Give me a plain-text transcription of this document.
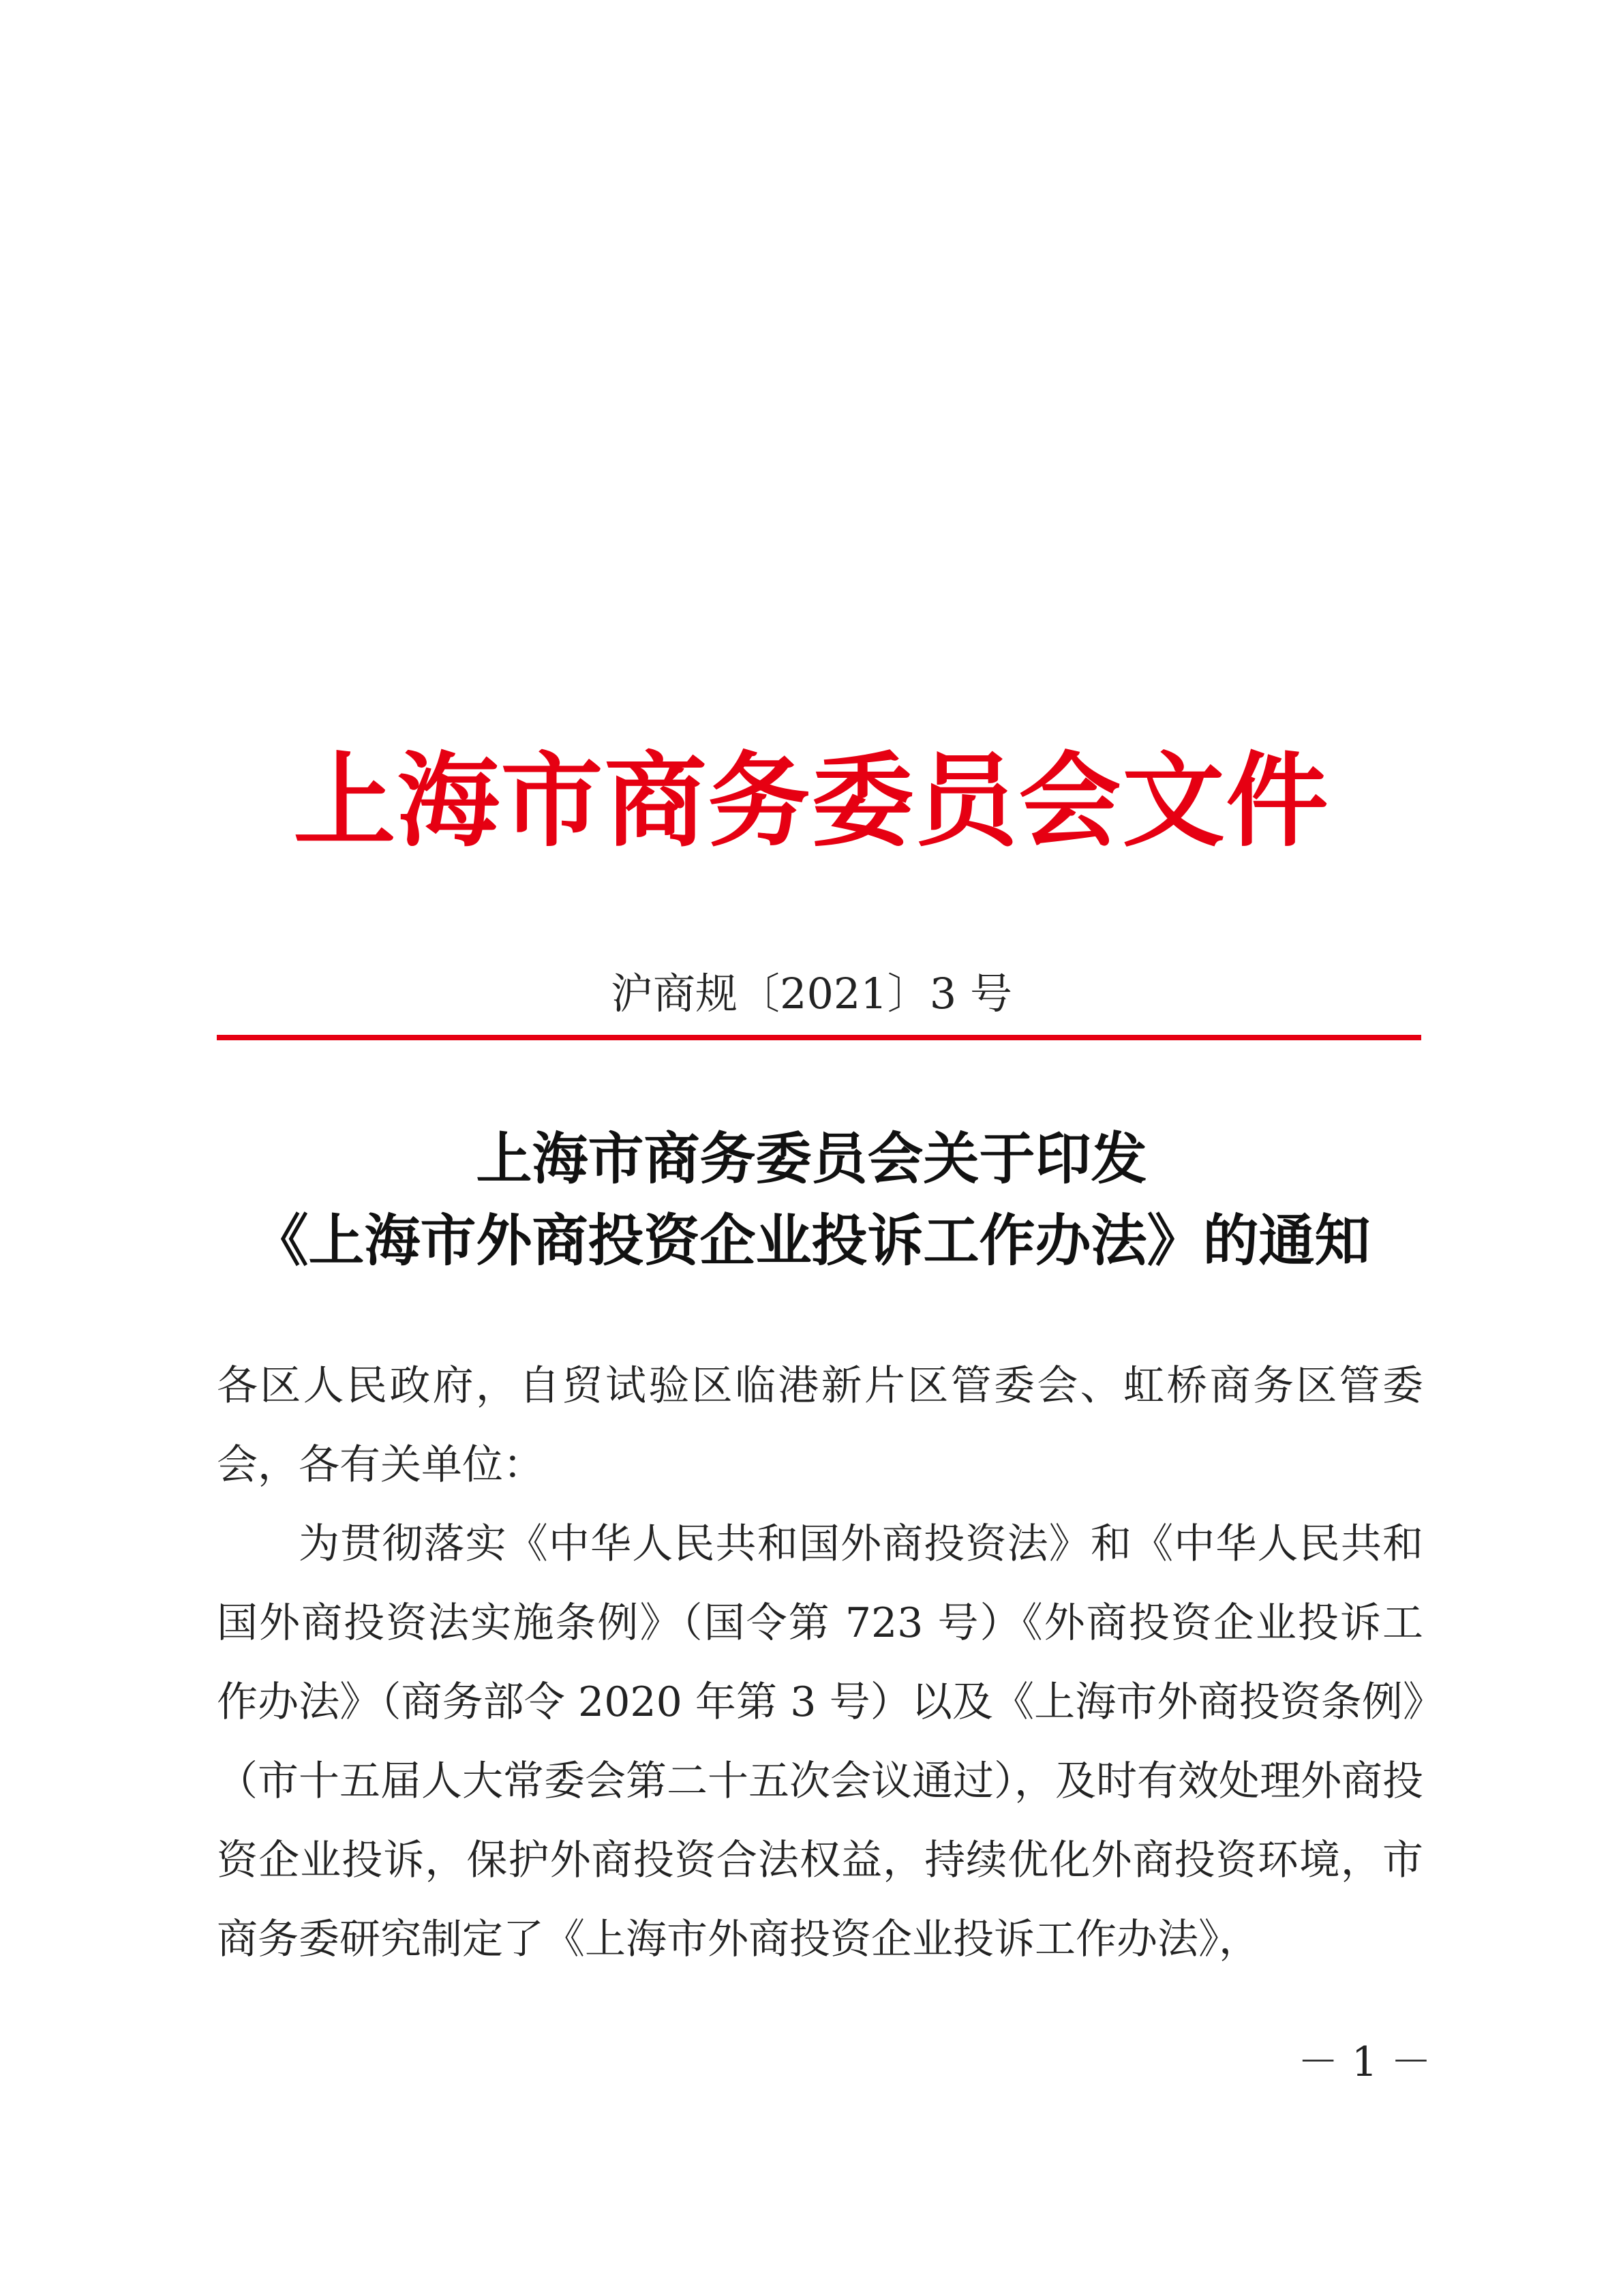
上海市商务委员会文件
沪商规〔2021〕3 号
上海市商务委员会关于印发
《上海市外商投资企业投诉工作办法》的通知

各区人民政府，自贸试验区临港新片区管委会、虹桥商务区管委会，各有关单位：

为贯彻落实《中华人民共和国外商投资法》和《中华人民共和国外商投资法实施条例》（国令第 723 号）《外商投资企业投诉工作办法》（商务部令 2020 年第 3 号）以及《上海市外商投资条例》（市十五届人大常委会第二十五次会议通过），及时有效处理外商投资企业投诉，保护外商投资合法权益，持续优化外商投资环境，市商务委研究制定了《上海市外商投资企业投诉工作办法》，

－ 1 －
